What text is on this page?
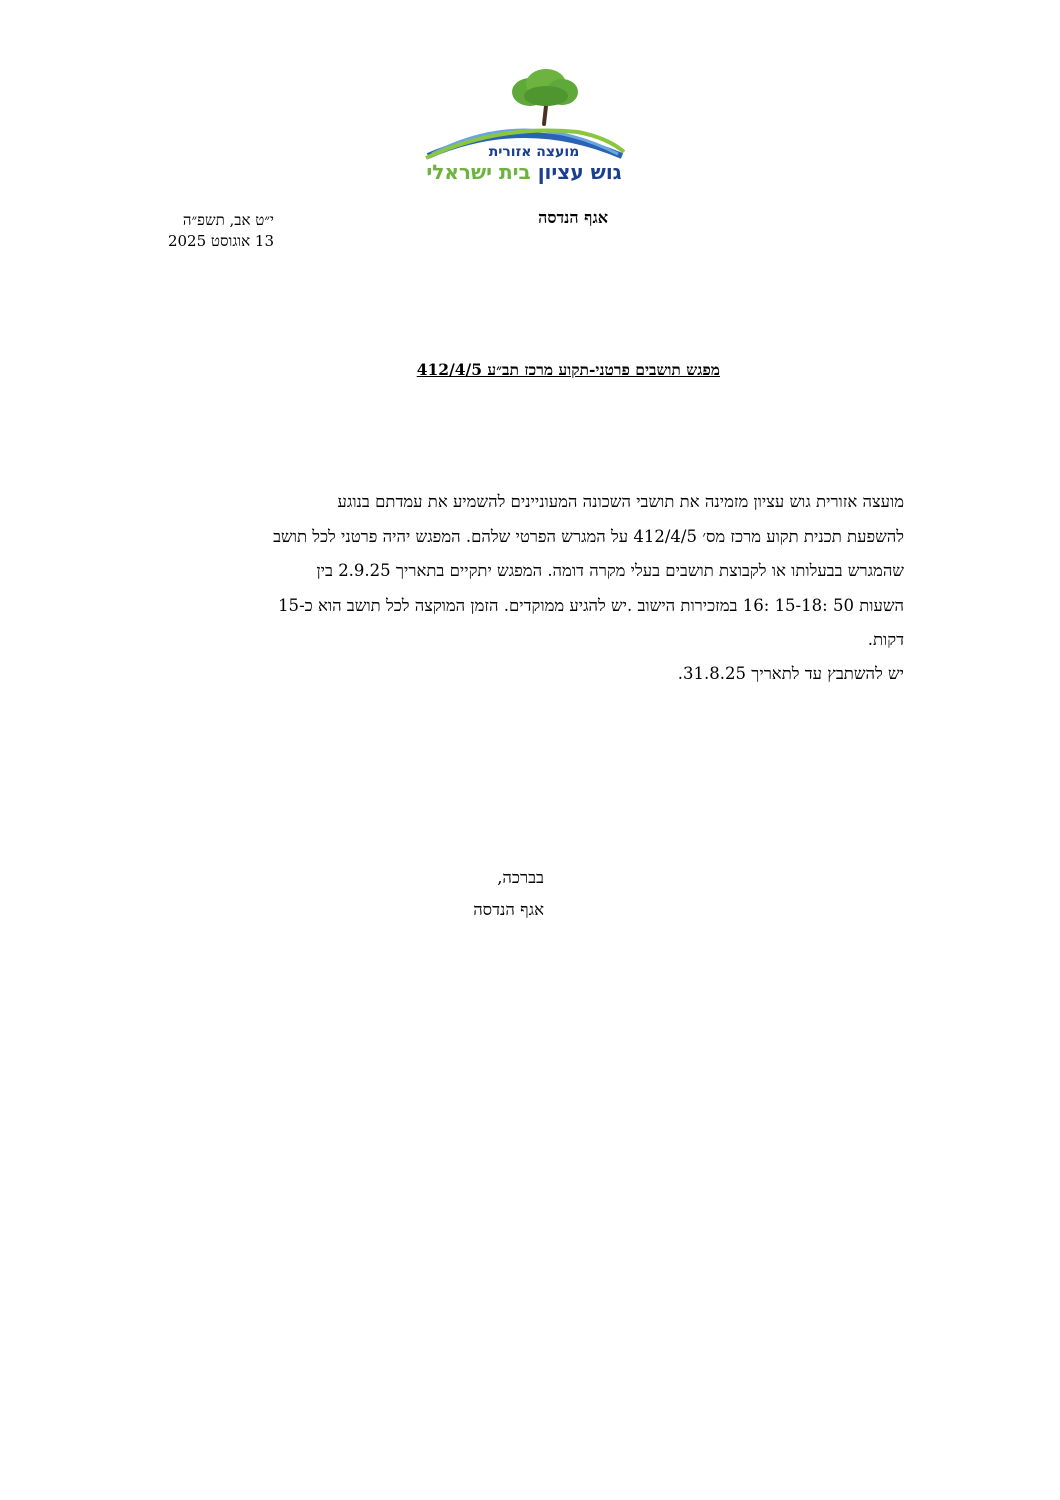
מועצה אזורית
גוש עציון בית ישראלי
אגף הנדסה
י״ט אב, תשפ״ה
13 אוגוסט 2025
מפגש תושבים פרטני-תקוע מרכז תב״ע 412/4/5
מועצה אזורית גוש עציון מזמינה את תושבי השכונה המעוניינים להשמיע את עמדתם בנוגע
להשפעת תכנית תקוע מרכז מס׳ 412/4/5 על המגרש הפרטי שלהם. המפגש יהיה פרטני לכל תושב
שהמגרש בבעלותו או לקבוצת תושבים בעלי מקרה דומה. המפגש יתקיים בתאריך 2.9.25 בין
השעות 50 :15-18 :16 במזכירות הישוב .יש להגיע ממוקדים. הזמן המוקצה לכל תושב הוא כ-15
דקות.
יש להשתבץ עד לתאריך 31.8.25.
בברכה,
אגף הנדסה
